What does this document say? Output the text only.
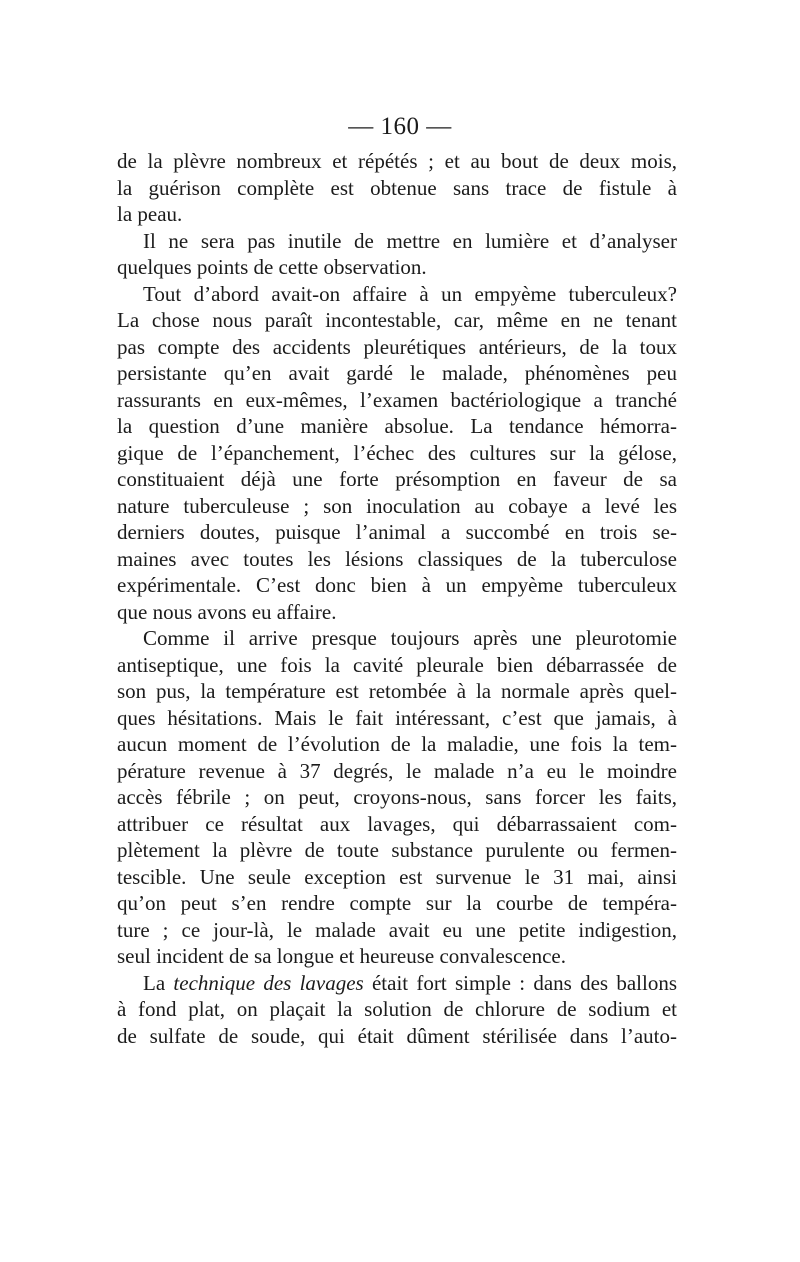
— 160 —
de la plèvre nombreux et répétés ; et au bout de deux mois,
la guérison complète est obtenue sans trace de fistule à
la peau.
Il ne sera pas inutile de mettre en lumière et d’analyser
quelques points de cette observation.
Tout d’abord avait-on affaire à un empyème tuberculeux?
La chose nous paraît incontestable, car, même en ne tenant
pas compte des accidents pleurétiques antérieurs, de la toux
persistante qu’en avait gardé le malade, phénomènes peu
rassurants en eux-mêmes, l’examen bactériologique a tranché
la question d’une manière absolue. La tendance hémorra-
gique de l’épanchement, l’échec des cultures sur la gélose,
constituaient déjà une forte présomption en faveur de sa
nature tuberculeuse ; son inoculation au cobaye a levé les
derniers doutes, puisque l’animal a succombé en trois se-
maines avec toutes les lésions classiques de la tuberculose
expérimentale. C’est donc bien à un empyème tuberculeux
que nous avons eu affaire.
Comme il arrive presque toujours après une pleurotomie
antiseptique, une fois la cavité pleurale bien débarrassée de
son pus, la température est retombée à la normale après quel-
ques hésitations. Mais le fait intéressant, c’est que jamais, à
aucun moment de l’évolution de la maladie, une fois la tem-
pérature revenue à 37 degrés, le malade n’a eu le moindre
accès fébrile ; on peut, croyons-nous, sans forcer les faits,
attribuer ce résultat aux lavages, qui débarrassaient com-
plètement la plèvre de toute substance purulente ou fermen-
tescible. Une seule exception est survenue le 31 mai, ainsi
qu’on peut s’en rendre compte sur la courbe de tempéra-
ture ; ce jour-là, le malade avait eu une petite indigestion,
seul incident de sa longue et heureuse convalescence.
La technique des lavages était fort simple : dans des ballons
à fond plat, on plaçait la solution de chlorure de sodium et
de sulfate de soude, qui était dûment stérilisée dans l’auto-
